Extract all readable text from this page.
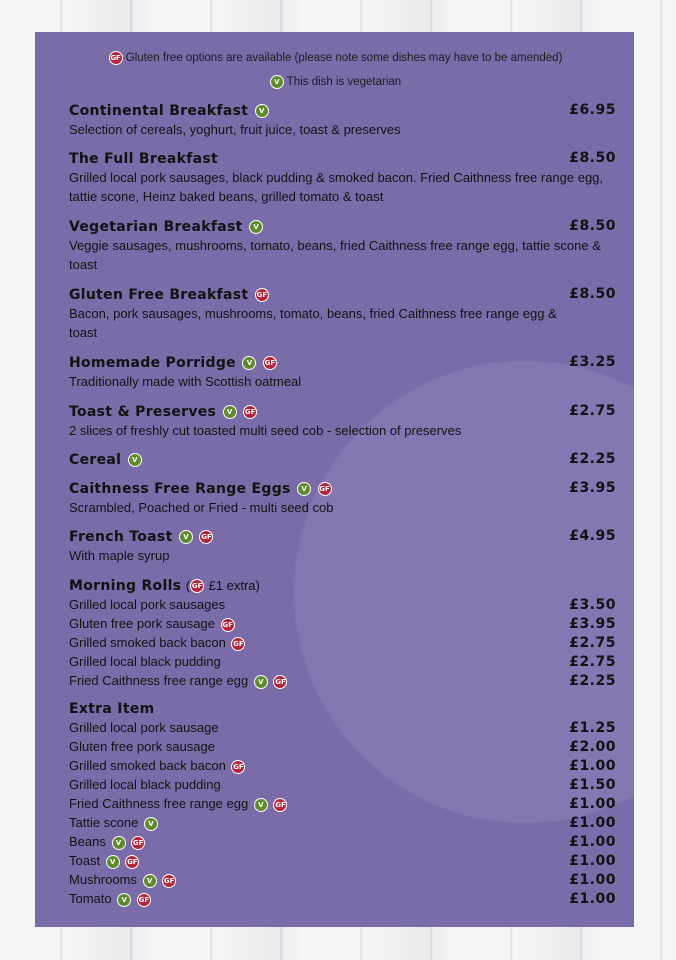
GF Gluten free options are available (please note some dishes may have to be amended)
V This dish is vegetarian
Continental Breakfast V	£6.95
Selection of cereals, yoghurt, fruit juice, toast & preserves
The Full Breakfast	£8.50
Grilled local pork sausages, black pudding & smoked bacon. Fried Caithness free range egg, tattie scone, Heinz baked beans, grilled tomato & toast
Vegetarian Breakfast V	£8.50
Veggie sausages, mushrooms, tomato, beans, fried Caithness free range egg, tattie scone & toast
Gluten Free Breakfast GF	£8.50
Bacon, pork sausages, mushrooms, tomato, beans, fried Caithness free range egg & toast
Homemade Porridge V GF	£3.25
Traditionally made with Scottish oatmeal
Toast & Preserves V GF	£2.75
2 slices of freshly cut toasted multi seed cob - selection of preserves
Cereal V	£2.25
Caithness Free Range Eggs V GF	£3.95
Scrambled, Poached or Fried - multi seed cob
French Toast V GF	£4.95
With maple syrup
Morning Rolls ( GF £1 extra)
Grilled local pork sausages	£3.50
Gluten free pork sausage GF	£3.95
Grilled smoked back bacon GF	£2.75
Grilled local black pudding	£2.75
Fried Caithness free range egg V GF	£2.25
Extra Item
Grilled local pork sausage	£1.25
Gluten free pork sausage	£2.00
Grilled smoked back bacon GF	£1.00
Grilled local black pudding	£1.50
Fried Caithness free range egg V GF	£1.00
Tattie scone V	£1.00
Beans V GF	£1.00
Toast V GF	£1.00
Mushrooms V GF	£1.00
Tomato V GF	£1.00
